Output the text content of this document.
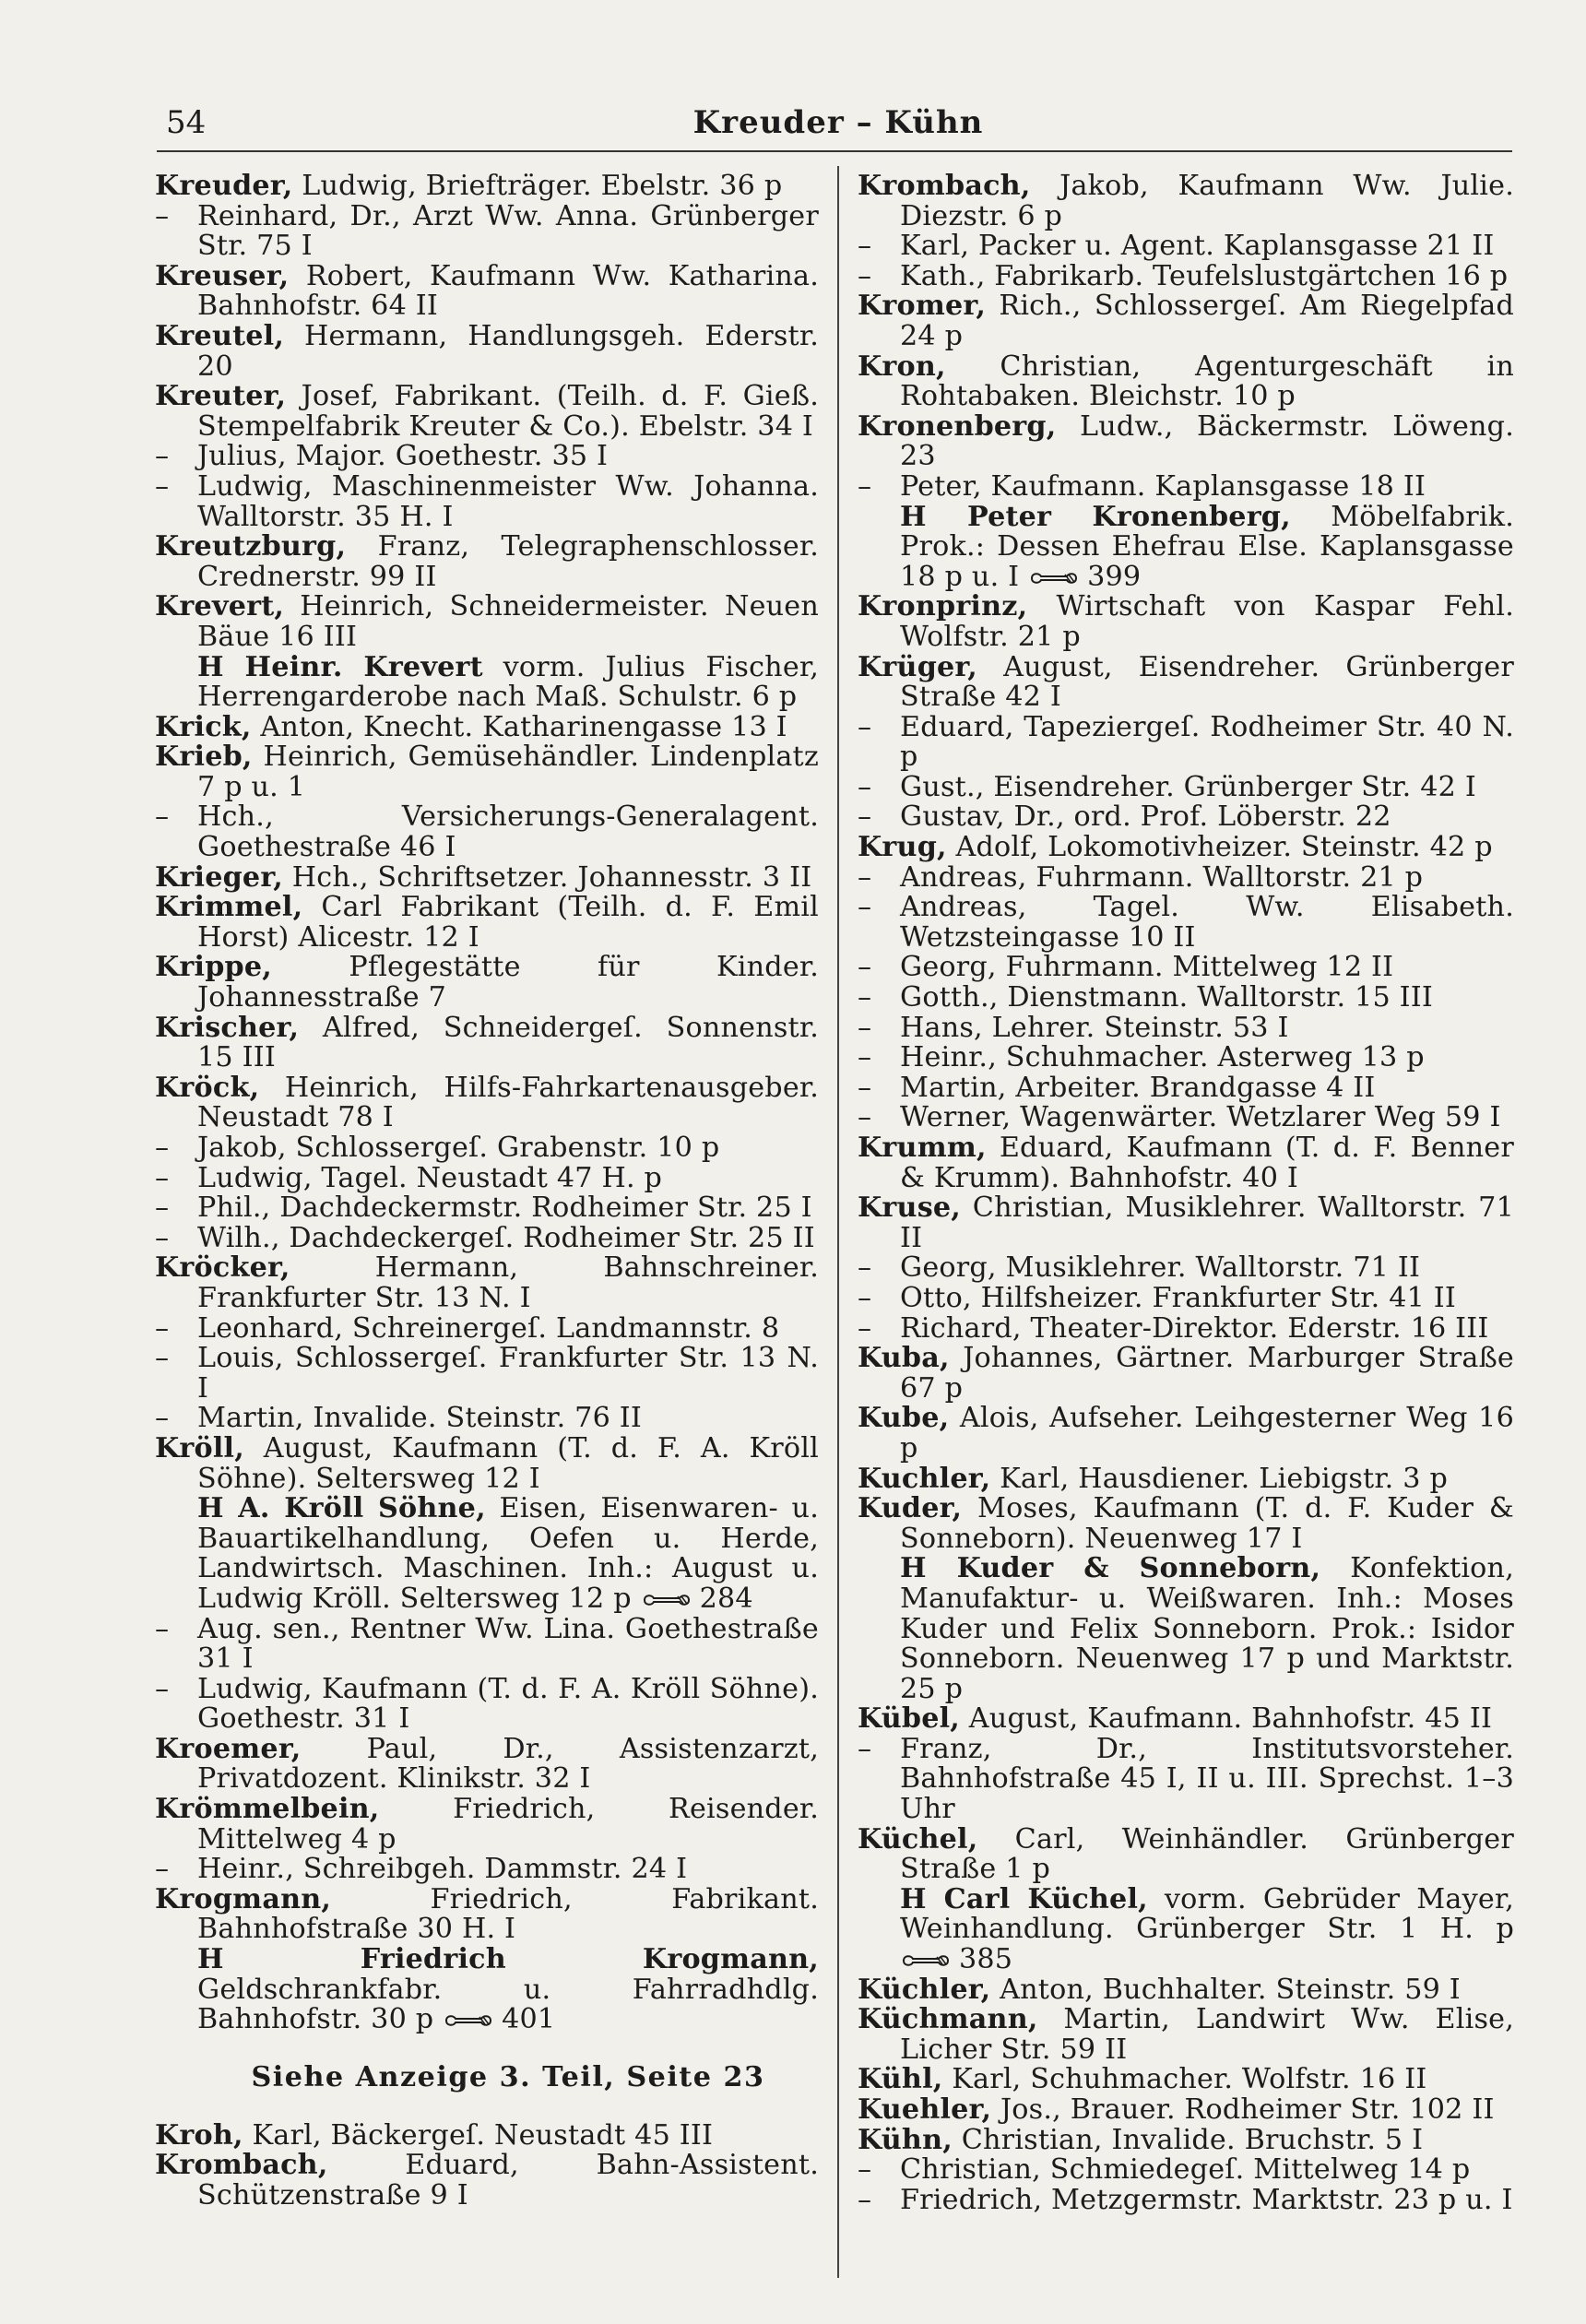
54	Kreuder – Kühn

Kreuder, Ludwig, Briefträger. Ebelstr. 36 p

– Reinhard, Dr., Arzt Ww. Anna. Grünberger Str. 75 I

Kreuser, Robert, Kaufmann Ww. Katharina. Bahnhofstr. 64 II

Kreutel, Hermann, Handlungsgeh. Ederstr. 20

Kreuter, Josef, Fabrikant. (Teilh. d. F. Gieß. Stempelfabrik Kreuter & Co.). Ebelstr. 34 I

– Julius, Major. Goethestr. 35 I

– Ludwig, Maschinenmeister Ww. Johanna. Walltorstr. 35 H. I

Kreutzburg, Franz, Telegraphenschlosser. Crednerstr. 99 II

Krevert, Heinrich, Schneidermeister. Neuen Bäue 16 III

H Heinr. Krevert vorm. Julius Fischer, Herrengarderobe nach Maß. Schulstr. 6 p

Krick, Anton, Knecht. Katharinengasse 13 I

Krieb, Heinrich, Gemüsehändler. Lindenplatz 7 p u. 1

– Hch., Versicherungs-Generalagent. Goethestraße 46 I

Krieger, Hch., Schriftsetzer. Johannesstr. 3 II

Krimmel, Carl Fabrikant (Teilh. d. F. Emil Horst) Alicestr. 12 I

Krippe, Pflegestätte für Kinder. Johannesstraße 7

Krischer, Alfred, Schneidergeſ. Sonnenstr. 15 III

Kröck, Heinrich, Hilfs-Fahrkartenausgeber. Neustadt 78 I

– Jakob, Schlossergeſ. Grabenstr. 10 p

– Ludwig, Tagel. Neustadt 47 H. p

– Phil., Dachdeckermstr. Rodheimer Str. 25 I

– Wilh., Dachdeckergeſ. Rodheimer Str. 25 II

Kröcker, Hermann, Bahnschreiner. Frankfurter Str. 13 N. I

– Leonhard, Schreinergeſ. Landmannstr. 8

– Louis, Schlossergeſ. Frankfurter Str. 13 N. I

– Martin, Invalide. Steinstr. 76 II

Kröll, August, Kaufmann (T. d. F. A. Kröll Söhne). Seltersweg 12 I

H A. Kröll Söhne, Eisen, Eisenwaren- u. Bauartikelhandlung, Oefen u. Herde, Landwirtsch. Maschinen. Inh.: August u. Ludwig Kröll. Seltersweg 12 p 284

– Aug. sen., Rentner Ww. Lina. Goethestraße 31 I

– Ludwig, Kaufmann (T. d. F. A. Kröll Söhne). Goethestr. 31 I

Kroemer, Paul, Dr., Assistenzarzt, Privatdozent. Klinikstr. 32 I

Krömmelbein, Friedrich, Reisender. Mittelweg 4 p

– Heinr., Schreibgeh. Dammstr. 24 I

Krogmann, Friedrich, Fabrikant. Bahnhofstraße 30 H. I

H Friedrich Krogmann, Geldschrankfabr. u. Fahrradhdlg. Bahnhofstr. 30 p 401

Siehe Anzeige 3. Teil, Seite 23

Kroh, Karl, Bäckergeſ. Neustadt 45 III

Krombach, Eduard, Bahn-Assistent. Schützenstraße 9 I

Krombach, Jakob, Kaufmann Ww. Julie. Diezstr. 6 p

– Karl, Packer u. Agent. Kaplansgasse 21 II

– Kath., Fabrikarb. Teufelslustgärtchen 16 p

Kromer, Rich., Schlossergeſ. Am Riegelpfad 24 p

Kron, Christian, Agenturgeschäft in Rohtabaken. Bleichstr. 10 p

Kronenberg, Ludw., Bäckermstr. Löweng. 23

– Peter, Kaufmann. Kaplansgasse 18 II

H Peter Kronenberg, Möbelfabrik. Prok.: Dessen Ehefrau Else. Kaplansgasse 18 p u. I 399

Kronprinz, Wirtschaft von Kaspar Fehl. Wolfstr. 21 p

Krüger, August, Eisendreher. Grünberger Straße 42 I

– Eduard, Tapeziergeſ. Rodheimer Str. 40 N. p

– Gust., Eisendreher. Grünberger Str. 42 I

– Gustav, Dr., ord. Prof. Löberstr. 22

Krug, Adolf, Lokomotivheizer. Steinstr. 42 p

– Andreas, Fuhrmann. Walltorstr. 21 p

– Andreas, Tagel. Ww. Elisabeth. Wetzsteingasse 10 II

– Georg, Fuhrmann. Mittelweg 12 II

– Gotth., Dienstmann. Walltorstr. 15 III

– Hans, Lehrer. Steinstr. 53 I

– Heinr., Schuhmacher. Asterweg 13 p

– Martin, Arbeiter. Brandgasse 4 II

– Werner, Wagenwärter. Wetzlarer Weg 59 I

Krumm, Eduard, Kaufmann (T. d. F. Benner & Krumm). Bahnhofstr. 40 I

Kruse, Christian, Musiklehrer. Walltorstr. 71 II

– Georg, Musiklehrer. Walltorstr. 71 II

– Otto, Hilfsheizer. Frankfurter Str. 41 II

– Richard, Theater-Direktor. Ederstr. 16 III

Kuba, Johannes, Gärtner. Marburger Straße 67 p

Kube, Alois, Aufseher. Leihgesterner Weg 16 p

Kuchler, Karl, Hausdiener. Liebigstr. 3 p

Kuder, Moses, Kaufmann (T. d. F. Kuder & Sonneborn). Neuenweg 17 I

H Kuder & Sonneborn, Konfektion, Manufaktur- u. Weißwaren. Inh.: Moses Kuder und Felix Sonneborn. Prok.: Isidor Sonneborn. Neuenweg 17 p und Marktstr. 25 p

Kübel, August, Kaufmann. Bahnhofstr. 45 II

– Franz, Dr., Institutsvorsteher. Bahnhofstraße 45 I, II u. III. Sprechst. 1–3 Uhr

Küchel, Carl, Weinhändler. Grünberger Straße 1 p

H Carl Küchel, vorm. Gebrüder Mayer, Weinhandlung. Grünberger Str. 1 H. p 385

Küchler, Anton, Buchhalter. Steinstr. 59 I

Küchmann, Martin, Landwirt Ww. Elise, Licher Str. 59 II

Kühl, Karl, Schuhmacher. Wolfstr. 16 II

Kuehler, Jos., Brauer. Rodheimer Str. 102 II

Kühn, Christian, Invalide. Bruchstr. 5 I

– Christian, Schmiedegeſ. Mittelweg 14 p

– Friedrich, Metzgermstr. Marktstr. 23 p u. I
